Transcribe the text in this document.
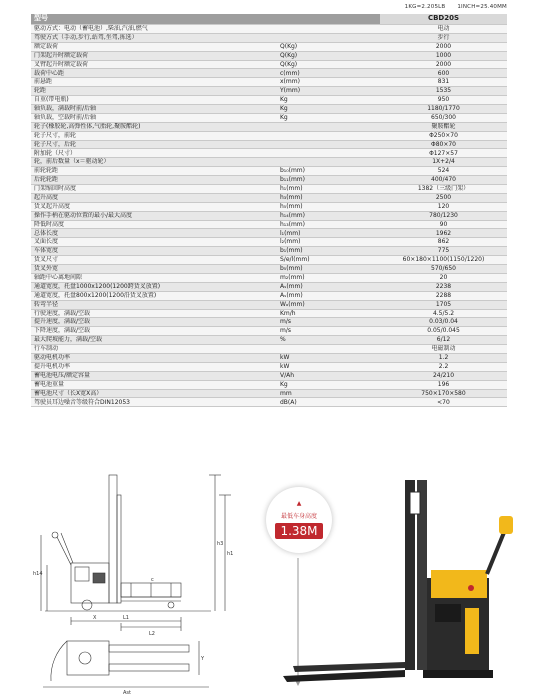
1KG=2.205LB 1INCH=25.40MM
型号		CBD20S
驱动方式：电动（蓄电池）,柴油,汽油,燃气		电动
驾驶方式（手动,步行,站驾,坐驾,拣选）		步行
额定载荷	Q(Kg)	2000
门架起升时额定载荷	Q(Kg)	1000
叉臂起升时额定载荷	Q(Kg)	2000
载荷中心距	c(mm)	600
前悬距	x(mm)	831
轮距	Y(mm)	1535
自重(带电瓶)	Kg	950
轴负载，满载时前/后轴	Kg	1180/1770
轴负载，空载时前/后轴	Kg	650/300
轮子(橡胶轮,高弹性体,气胎轮,聚胺酯轮)		聚胺酯轮
轮子尺寸，前轮		Φ250×70
轮子尺寸，后轮		Φ80×70
附加轮（尺寸）		Φ127×57
轮，前后数量（x＝驱动轮）		1X+2/4
前轮轮距	b₁₀(mm)	524
后轮轮距	b₁₁(mm)	400/470
门架缩回时高度	h₁(mm)	1382（三级门架）
起升高度	h₃(mm)	2500
货叉起升高度	h₅(mm)	120
操作手柄在驱动位置的最小/最大高度	h₁₄(mm)	780/1230
降低时高度	h₁₃(mm)	90
总体长度	l₁(mm)	1962
叉面长度	l₂(mm)	862
车体宽度	b₁(mm)	775
货叉尺寸	S/e/l(mm)	60×180×1100(1150/1220)
货叉外宽	b₅(mm)	570/650
轴距中心离地间隙	m₂(mm)	20
通道宽度，托盘1000x1200(1200跨货叉放置)	Aₛ(mm)	2238
通道宽度，托盘800x1200(1200沿货叉放置)	Aₛ(mm)	2288
转弯半径	Wₐ(mm)	1705
行驶速度，满载/空载	Km/h	4.5/5.2
提升速度，满载/空载	m/s	0.03/0.04
下降速度，满载/空载	m/s	0.05/0.045
最大爬坡能力，满载/空载	%	6/12
行车制动		电磁制动
驱动电机功率	kW	1.2
提升电机功率	kW	2.2
蓄电池电压/额定容量	V/Ah	24/210
蓄电池重量	Kg	196
蓄电池尺寸（长X宽X高）	mm	750×170×580
驾驶员耳边噪音等级符合DIN12053	dB(A)	<70
h3
h1
h14
L1
L2
X
Y
c
Ast
▲
最低车身高度
1.38M
